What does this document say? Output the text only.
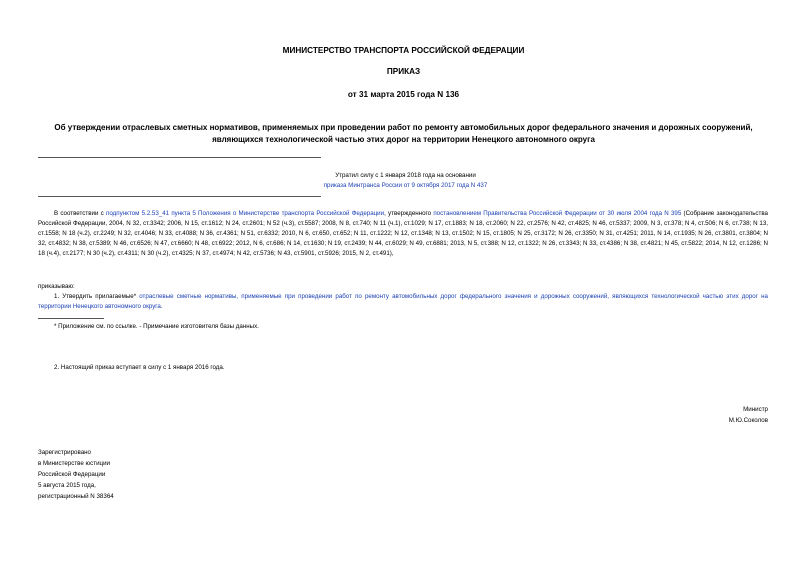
МИНИСТЕРСТВО ТРАНСПОРТА РОССИЙСКОЙ ФЕДЕРАЦИИ
ПРИКАЗ
от 31 марта 2015 года N 136
Об утверждении отраслевых сметных нормативов, применяемых при проведении работ по ремонту автомобильных дорог федерального значения и дорожных сооружений, являющихся технологической частью этих дорог на территории Ненецкого автономного округа
Утратил силу с 1 января 2018 года на основании
приказа Минтранса России от 9 октября 2017 года N 437
В соответствии с подпунктом 5.2.53_41 пункта 5 Положения о Министерстве транспорта Российской Федерации, утвержденного постановлением Правительства Российской Федерации от 30 июля 2004 года N 395 (Собрание законодательства Российской Федерации, 2004, N 32, ст.3342; 2006, N 15, ст.1612; N 24, ст.2601; N 52 (ч.3), ст.5587; 2008, N 8, ст.740; N 11 (ч.1), ст.1029; N 17, ст.1883; N 18, ст.2060; N 22, ст.2576; N 42, ст.4825; N 46, ст.5337; 2009, N 3, ст.378; N 4, ст.506; N 6, ст.738; N 13, ст.1558; N 18 (ч.2), ст.2249; N 32, ст.4046; N 33, ст.4088; N 36, ст.4361; N 51, ст.6332; 2010, N 6, ст.650, ст.652; N 11, ст.1222; N 12, ст.1348; N 13, ст.1502; N 15, ст.1805; N 25, ст.3172; N 26, ст.3350; N 31, ст.4251; 2011, N 14, ст.1935; N 26, ст.3801, ст.3804; N 32, ст.4832; N 38, ст.5389; N 46, ст.6526; N 47, ст.6660; N 48, ст.6922; 2012, N 6, ст.686; N 14, ст.1630; N 19, ст.2439; N 44, ст.6029; N 49, ст.6881; 2013, N 5, ст.388; N 12, ст.1322; N 26, ст.3343; N 33, ст.4386; N 38, ст.4821; N 45, ст.5822; 2014, N 12, ст.1286; N 18 (ч.4), ст.2177; N 30 (ч.2), ст.4311; N 30 (ч.2), ст.4325; N 37, ст.4974; N 42, ст.5736; N 43, ст.5901, ст.5926; 2015, N 2, ст.491),
приказываю:
1. Утвердить прилагаемые* отраслевые сметные нормативы, применяемые при проведении работ по ремонту автомобильных дорог федерального значения и дорожных сооружений, являющихся технологической частью этих дорог на территории Ненецкого автономного округа.
* Приложение см. по ссылке. - Примечание изготовителя базы данных.
2. Настоящий приказ вступает в силу с 1 января 2016 года.
Министр
М.Ю.Соколов
Зарегистрировано
в Министерстве юстиции
Российской Федерации
5 августа 2015 года,
регистрационный N 38364
